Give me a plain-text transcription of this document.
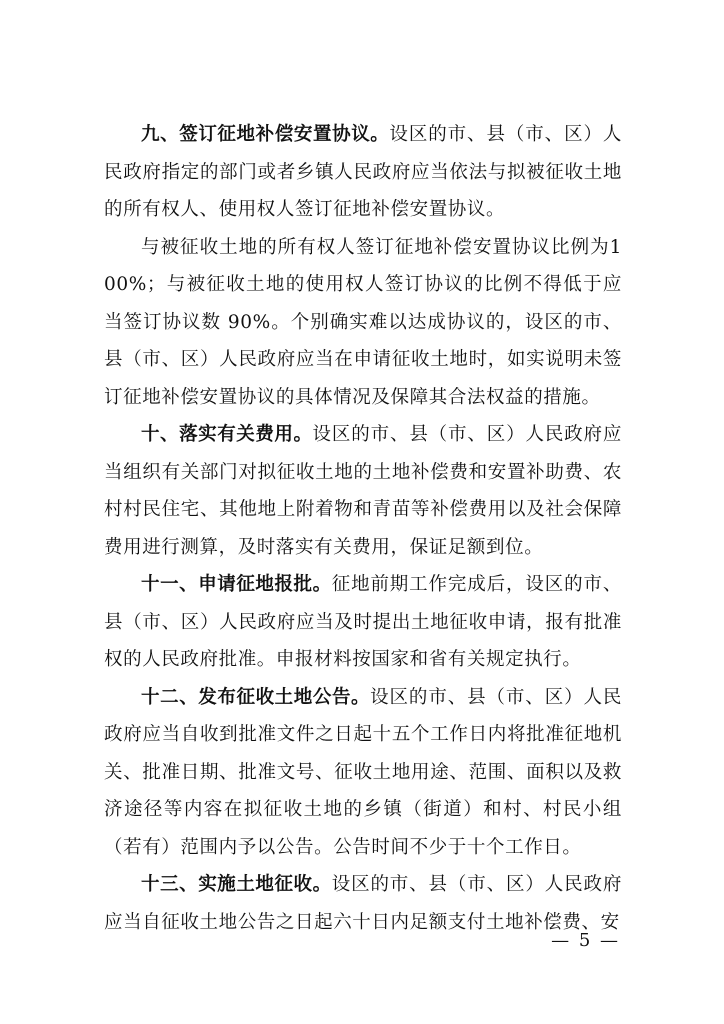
九、签订征地补偿安置协议。设区的市、县（市、区）人民政府指定的部门或者乡镇人民政府应当依法与拟被征收土地的所有权人、使用权人签订征地补偿安置协议。

与被征收土地的所有权人签订征地补偿安置协议比例为100%；与被征收土地的使用权人签订协议的比例不得低于应当签订协议数 90%。个别确实难以达成协议的，设区的市、县（市、区）人民政府应当在申请征收土地时，如实说明未签订征地补偿安置协议的具体情况及保障其合法权益的措施。

十、落实有关费用。设区的市、县（市、区）人民政府应当组织有关部门对拟征收土地的土地补偿费和安置补助费、农村村民住宅、其他地上附着物和青苗等补偿费用以及社会保障费用进行测算，及时落实有关费用，保证足额到位。

十一、申请征地报批。征地前期工作完成后，设区的市、县（市、区）人民政府应当及时提出土地征收申请，报有批准权的人民政府批准。申报材料按国家和省有关规定执行。

十二、发布征收土地公告。设区的市、县（市、区）人民政府应当自收到批准文件之日起十五个工作日内将批准征地机关、批准日期、批准文号、征收土地用途、范围、面积以及救济途径等内容在拟征收土地的乡镇（街道）和村、村民小组（若有）范围内予以公告。公告时间不少于十个工作日。

十三、实施土地征收。设区的市、县（市、区）人民政府应当自征收土地公告之日起六十日内足额支付土地补偿费、安

— 5 —
